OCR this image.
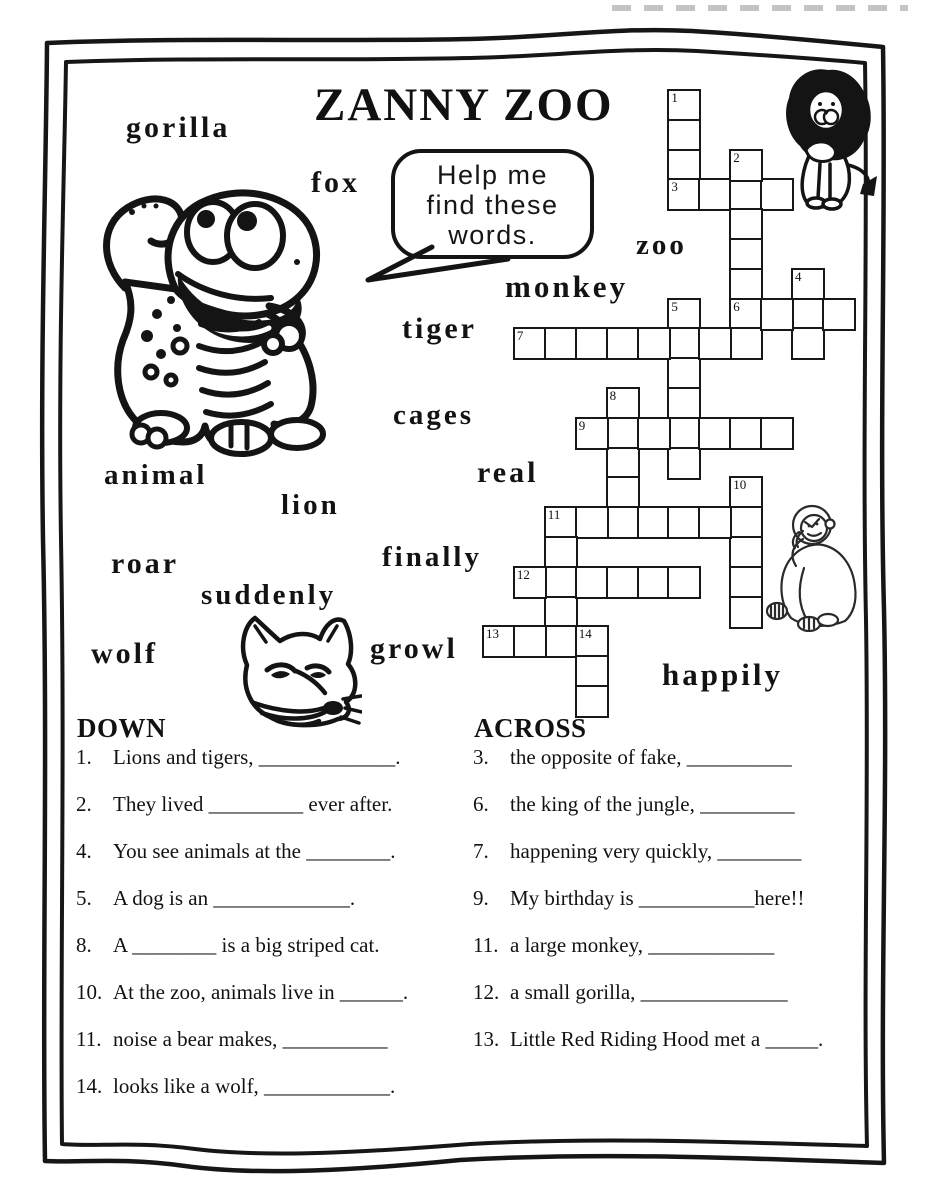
ZANNY ZOO
gorilla
fox
zoo
monkey
tiger
cages
real
animal
lion
roar	finally
suddenly
wolf	growl
happily
Help me
find these
words.
1
3
2
6
4
5
7
8
9
10
11
12
13	14
DOWN
1.	Lions and tigers, _____________.
2.	They lived _________ ever after.
4.	You see animals at the ________.
5.	A dog is an _____________.
8.	A ________ is a big striped cat.
10. At the zoo, animals live in ______.
11. noise a bear makes, __________
14. looks like a wolf, ____________.
ACROSS
3.	the opposite of fake, __________
6.	the king of the jungle, _________
7.	happening very quickly, ________
9.	My birthday is ___________here!!
11. a large monkey, ____________
12. a small gorilla, ______________
13. Little Red Riding Hood met a _____.
